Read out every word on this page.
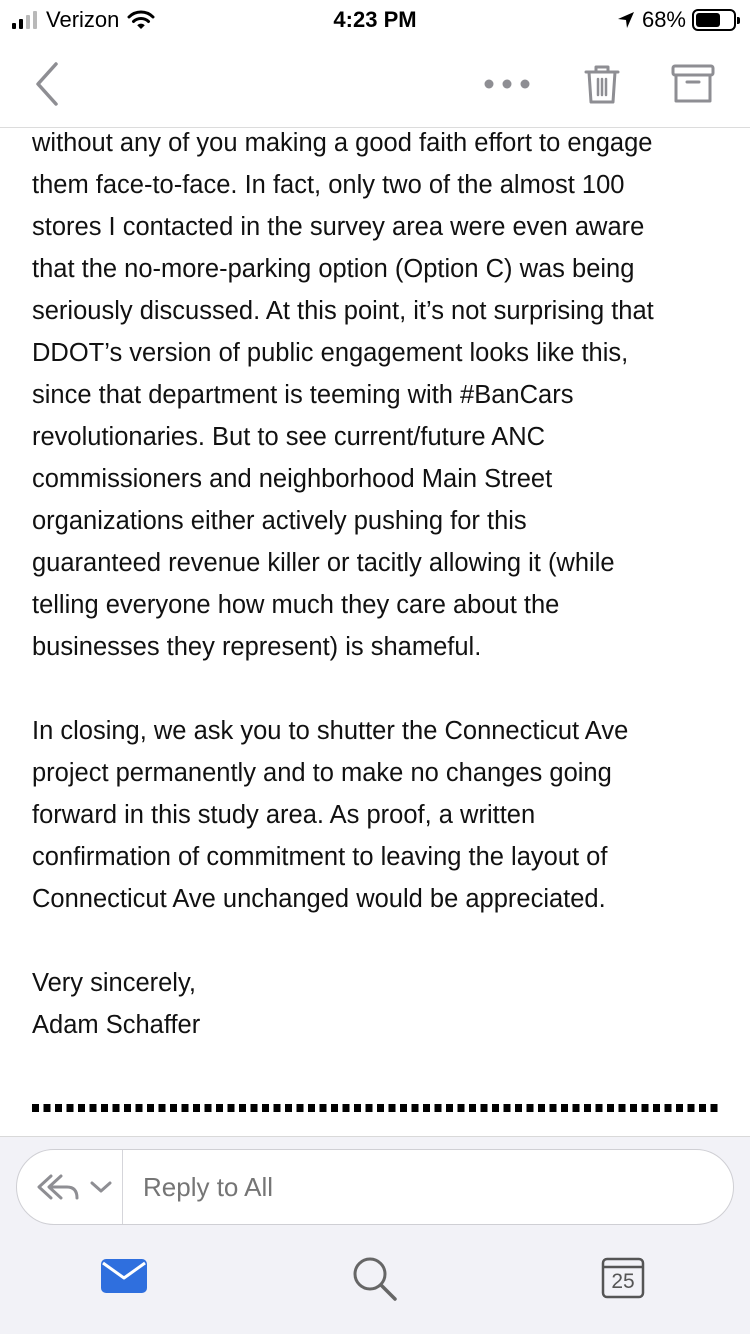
Verizon	4:23 PM	68%

without any of you making a good faith effort to engage
them face-to-face. In fact, only two of the almost 100
stores I contacted in the survey area were even aware
that the no-more-parking option (Option C) was being
seriously discussed. At this point, it’s not surprising that
DDOT’s version of public engagement looks like this,
since that department is teeming with #BanCars
revolutionaries. But to see current/future ANC
commissioners and neighborhood Main Street
organizations either actively pushing for this
guaranteed revenue killer or tacitly allowing it (while
telling everyone how much they care about the
businesses they represent) is shameful.

In closing, we ask you to shutter the Connecticut Ave
project permanently and to make no changes going
forward in this study area. As proof, a written
confirmation of commitment to leaving the layout of
Connecticut Ave unchanged would be appreciated.

Very sincerely,
Adam Schaffer

Reply to All
25
